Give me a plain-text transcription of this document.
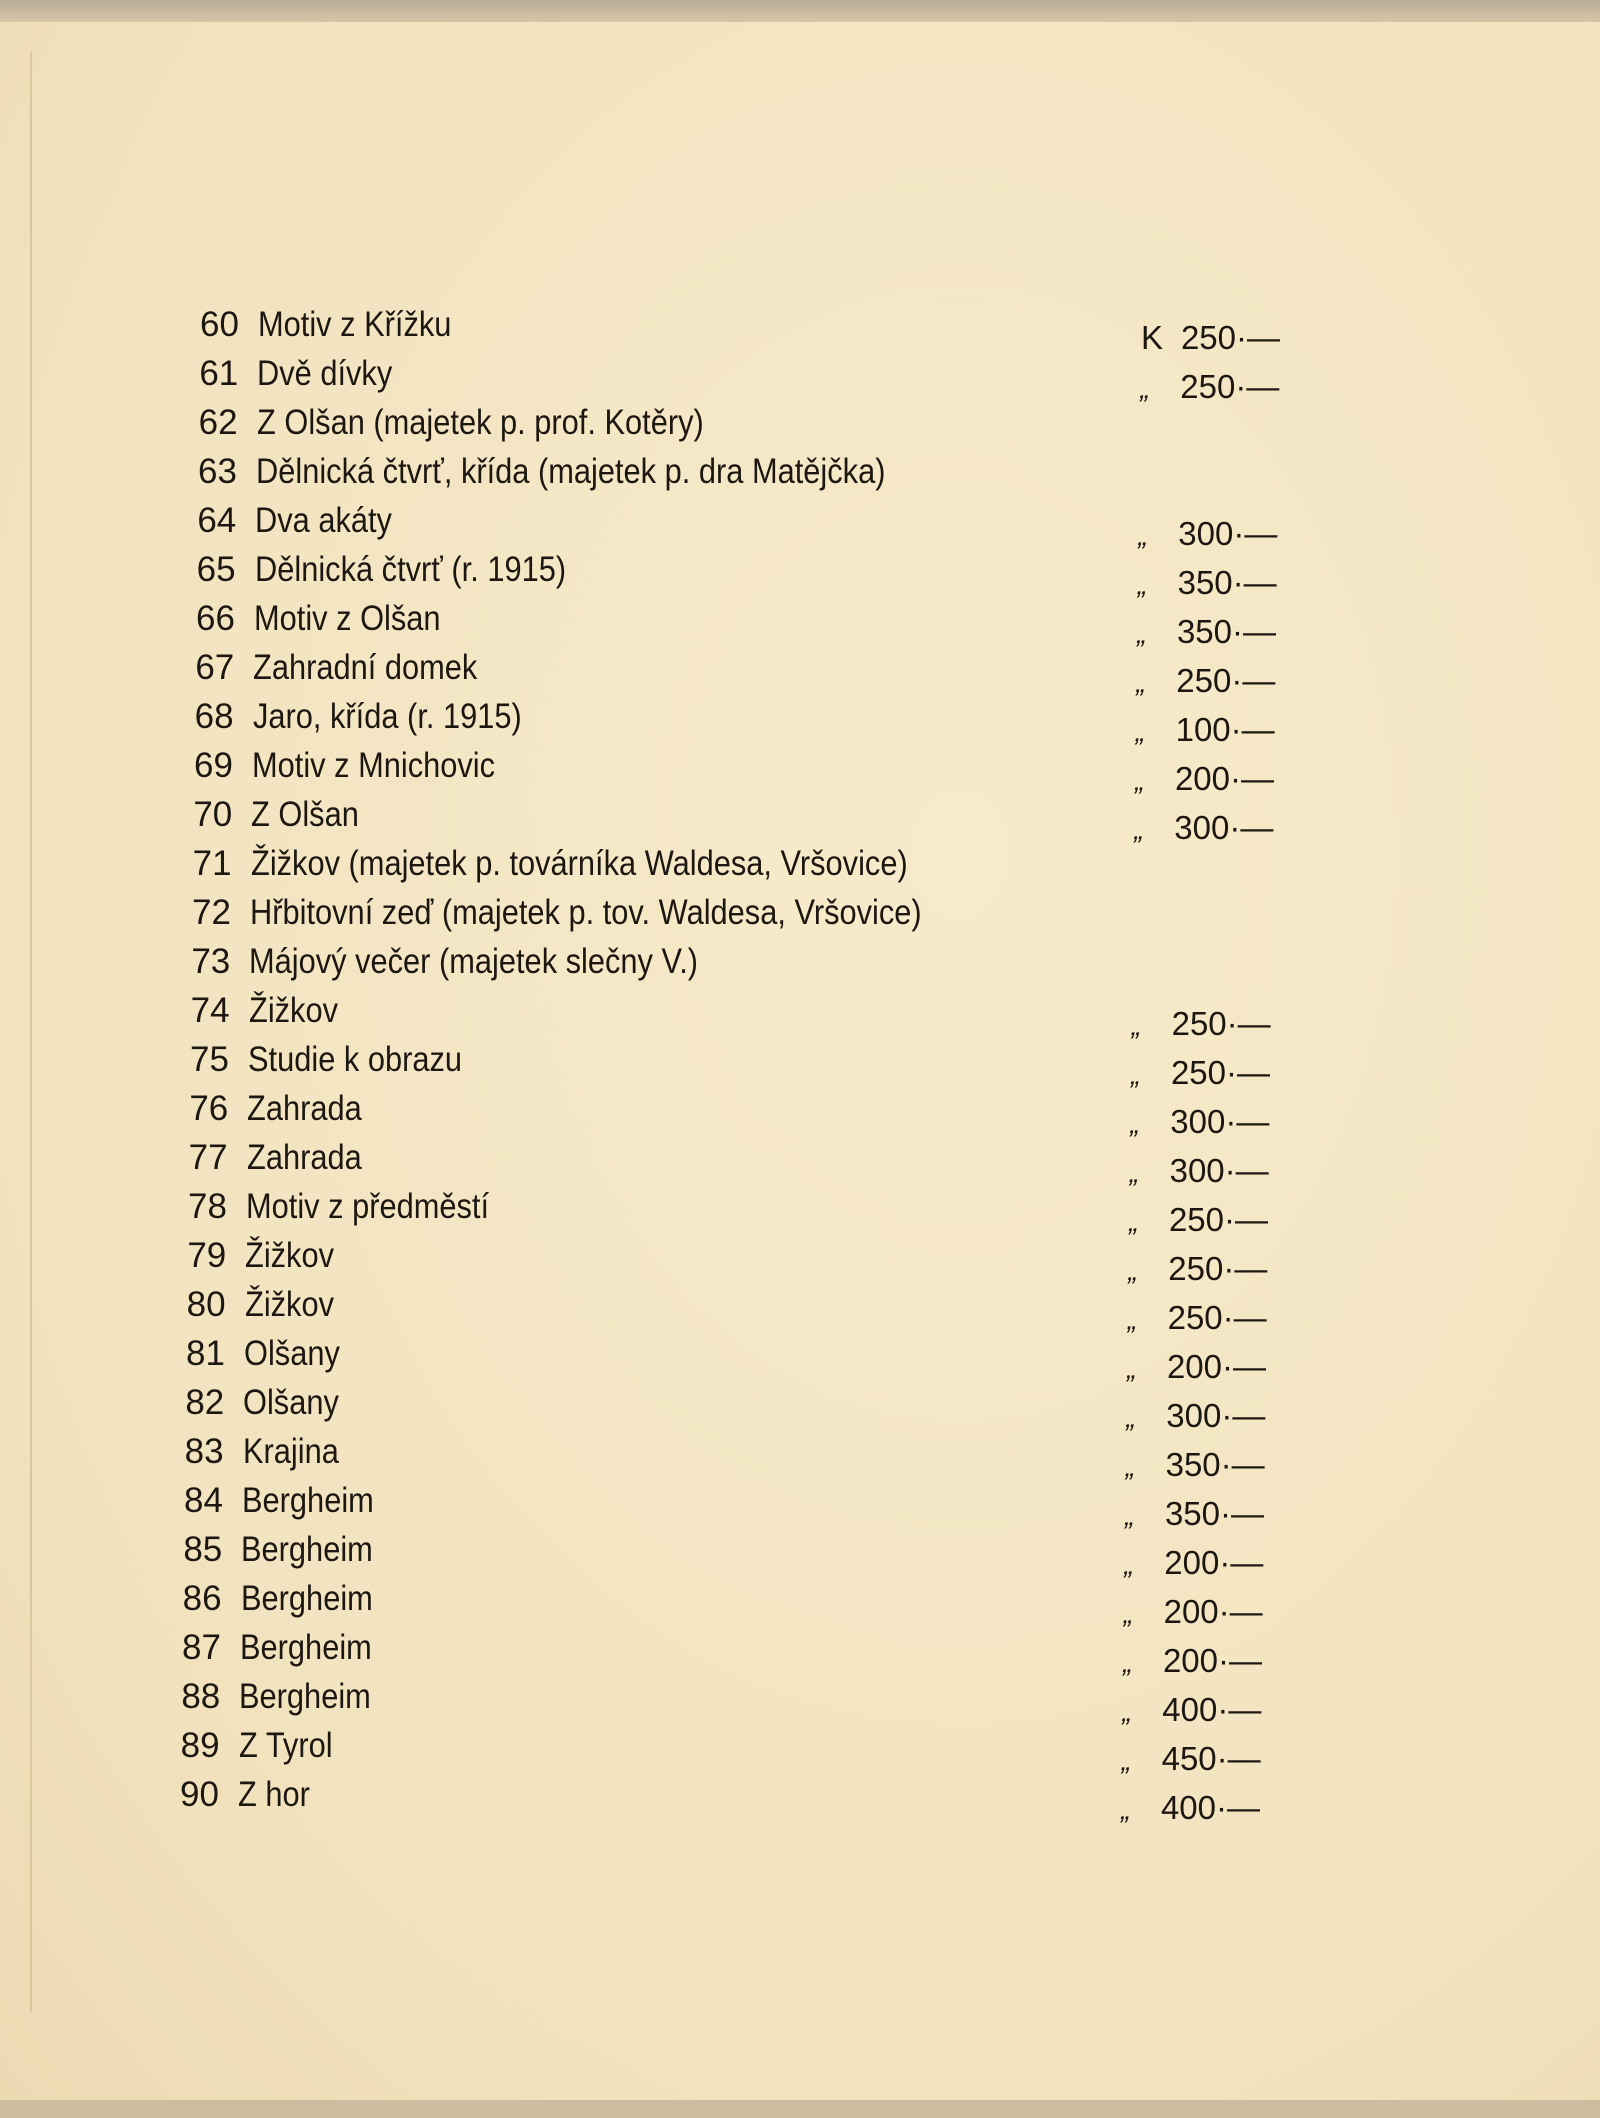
60 Motiv z Křížku	K 250·—
61 Dvě dívky	„ 250·—
62 Z Olšan (majetek p. prof. Kotěry)
63 Dělnická čtvrť, křída (majetek p. dra Matějčka)
64 Dva akáty	„ 300·—
65 Dělnická čtvrť (r. 1915)	„ 350·—
66 Motiv z Olšan	„ 350·—
67 Zahradní domek	„ 250·—
68 Jaro, křída (r. 1915)	„ 100·—
69 Motiv z Mnichovic	„ 200·—
70 Z Olšan	„ 300·—
71 Žižkov (majetek p. továrníka Waldesa, Vršovice)
72 Hřbitovní zeď (majetek p. tov. Waldesa, Vršovice)
73 Májový večer (majetek slečny V.)
74 Žižkov	„ 250·—
75 Studie k obrazu	„ 250·—
76 Zahrada	„ 300·—
77 Zahrada	„ 300·—
78 Motiv z předměstí	„ 250·—
79 Žižkov	„ 250·—
80 Žižkov	„ 250·—
81 Olšany	„ 200·—
82 Olšany	„ 300·—
83 Krajina	„ 350·—
84 Bergheim	„ 350·—
85 Bergheim	„ 200·—
86 Bergheim	„ 200·—
87 Bergheim	„ 200·—
88 Bergheim	„ 400·—
89 Z Tyrol	„ 450·—
90 Z hor	„ 400·—
